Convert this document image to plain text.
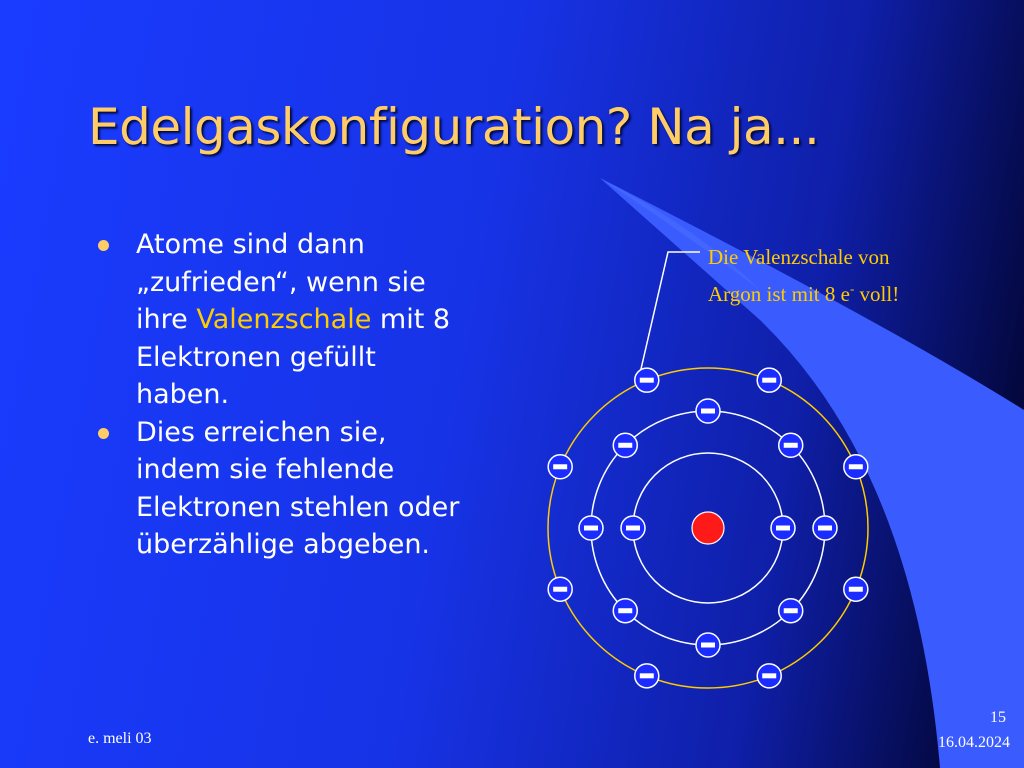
Edelgaskonfiguration? Na ja...
Atome sind dann „zufrieden“, wenn sie ihre Valenzschale mit 8 Elektronen gefüllt haben.
Dies erreichen sie, indem sie fehlende Elektronen stehlen oder überzählige abgeben.
Die Valenzschale von
Argon ist mit 8 e- voll!
e. meli 03
15
16.04.2024
